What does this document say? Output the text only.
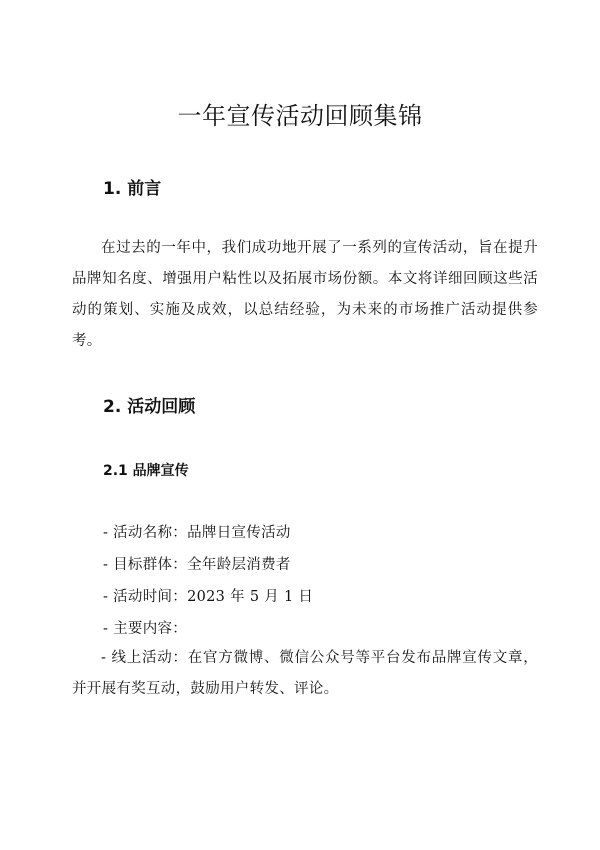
一年宣传活动回顾集锦
1. 前言

在过去的一年中，我们成功地开展了一系列的宣传活动，旨在提升品牌知名度、增强用户粘性以及拓展市场份额。本文将详细回顾这些活动的策划、实施及成效，以总结经验，为未来的市场推广活动提供参考。

2. 活动回顾
2.1 品牌宣传

- 活动名称：品牌日宣传活动

- 目标群体：全年龄层消费者

- 活动时间：2023 年 5 月 1 日

- 主要内容：

- 线上活动：在官方微博、微信公众号等平台发布品牌宣传文章，并开展有奖互动，鼓励用户转发、评论。
